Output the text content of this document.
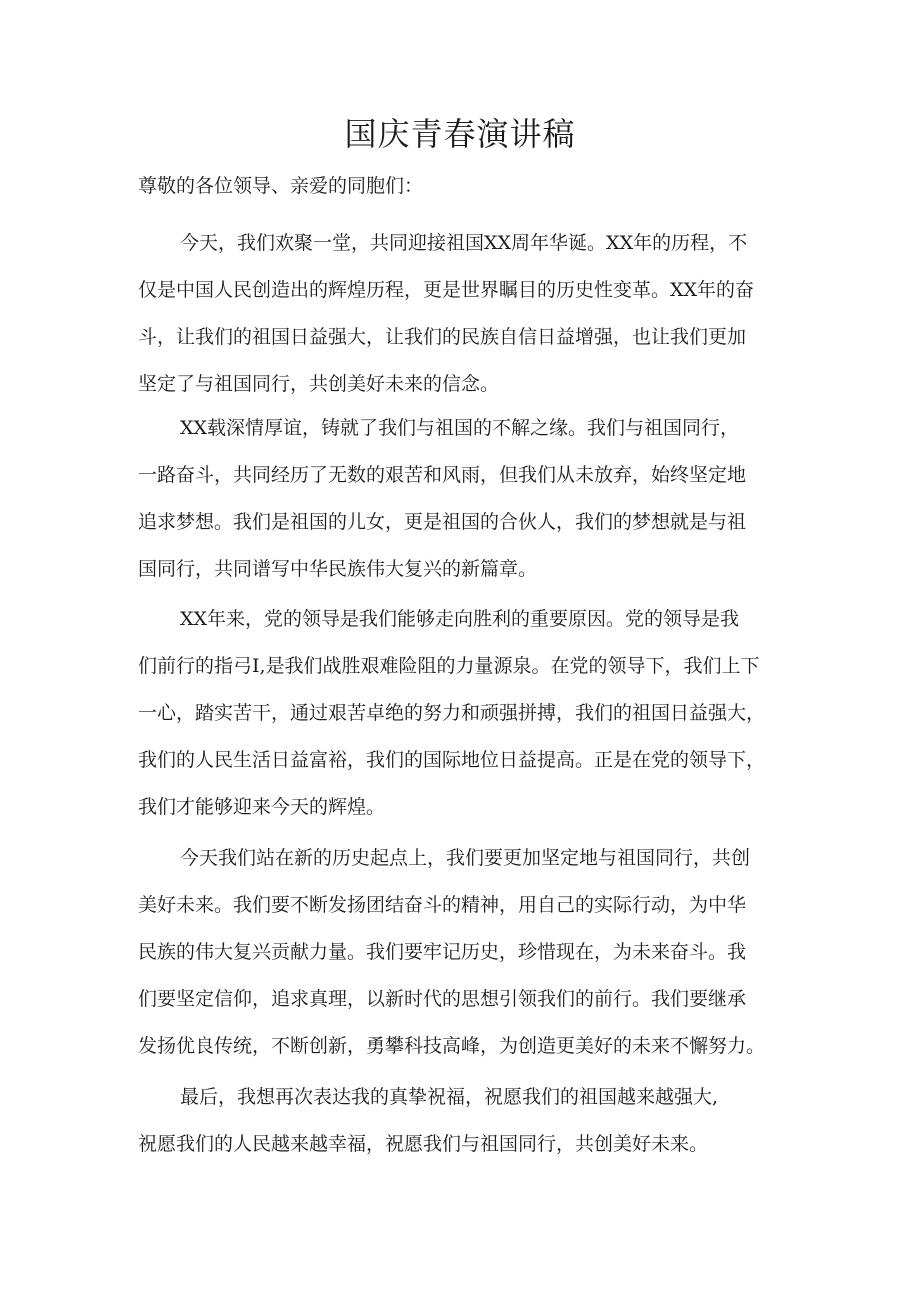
国庆青春演讲稿

尊敬的各位领导、亲爱的同胞们：

今天，我们欢聚一堂，共同迎接祖国XX周年华诞。XX年的历程，不
仅是中国人民创造出的辉煌历程，更是世界瞩目的历史性变革。XX年的奋
斗，让我们的祖国日益强大，让我们的民族自信日益增强，也让我们更加
坚定了与祖国同行，共创美好未来的信念。
XX载深情厚谊，铸就了我们与祖国的不解之缘。我们与祖国同行，
一路奋斗，共同经历了无数的艰苦和风雨，但我们从未放弃，始终坚定地
追求梦想。我们是祖国的儿女，更是祖国的合伙人，我们的梦想就是与祖
国同行，共同谱写中华民族伟大复兴的新篇章。
XX年来，党的领导是我们能够走向胜利的重要原因。党的领导是我
们前行的指弓I,是我们战胜艰难险阻的力量源泉。在党的领导下，我们上下
一心，踏实苦干，通过艰苦卓绝的努力和顽强拼搏，我们的祖国日益强大，
我们的人民生活日益富裕，我们的国际地位日益提高。正是在党的领导下，
我们才能够迎来今天的辉煌。
今天我们站在新的历史起点上，我们要更加坚定地与祖国同行，共创
美好未来。我们要不断发扬团结奋斗的精神，用自己的实际行动，为中华
民族的伟大复兴贡献力量。我们要牢记历史，珍惜现在，为未来奋斗。我
们要坚定信仰，追求真理，以新时代的思想引领我们的前行。我们要继承
发扬优良传统，不断创新，勇攀科技高峰，为创造更美好的未来不懈努力。
最后，我想再次表达我的真挚祝福，祝愿我们的祖国越来越强大,
祝愿我们的人民越来越幸福，祝愿我们与祖国同行，共创美好未来。
